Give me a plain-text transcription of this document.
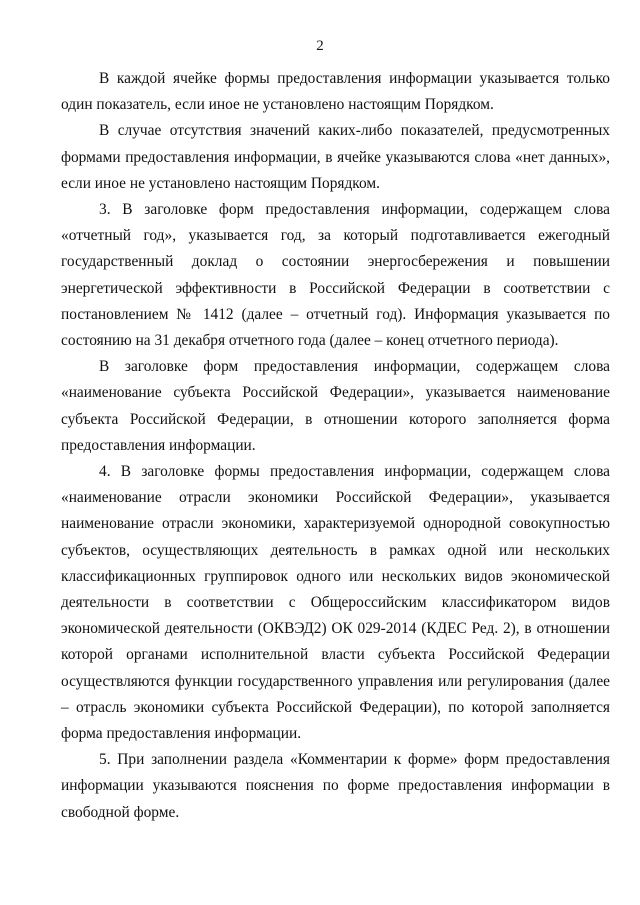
2

В каждой ячейке формы предоставления информации указывается только один показатель, если иное не установлено настоящим Порядком.

В случае отсутствия значений каких-либо показателей, предусмотренных формами предоставления информации, в ячейке указываются слова «нет данных», если иное не установлено настоящим Порядком.

3. В заголовке форм предоставления информации, содержащем слова «отчетный год», указывается год, за который подготавливается ежегодный государственный доклад о состоянии энергосбережения и повышении энергетической эффективности в Российской Федерации в соответствии с постановлением № 1412 (далее – отчетный год). Информация указывается по состоянию на 31 декабря отчетного года (далее – конец отчетного периода).

В заголовке форм предоставления информации, содержащем слова «наименование субъекта Российской Федерации», указывается наименование субъекта Российской Федерации, в отношении которого заполняется форма предоставления информации.

4. В заголовке формы предоставления информации, содержащем слова «наименование отрасли экономики Российской Федерации», указывается наименование отрасли экономики, характеризуемой однородной совокупностью субъектов, осуществляющих деятельность в рамках одной или нескольких классификационных группировок одного или нескольких видов экономической деятельности в соответствии с Общероссийским классификатором видов экономической деятельности (ОКВЭД2) ОК 029-2014 (КДЕС Ред. 2), в отношении которой органами исполнительной власти субъекта Российской Федерации осуществляются функции государственного управления или регулирования (далее – отрасль экономики субъекта Российской Федерации), по которой заполняется форма предоставления информации.

5. При заполнении раздела «Комментарии к форме» форм предоставления информации указываются пояснения по форме предоставления информации в свободной форме.
